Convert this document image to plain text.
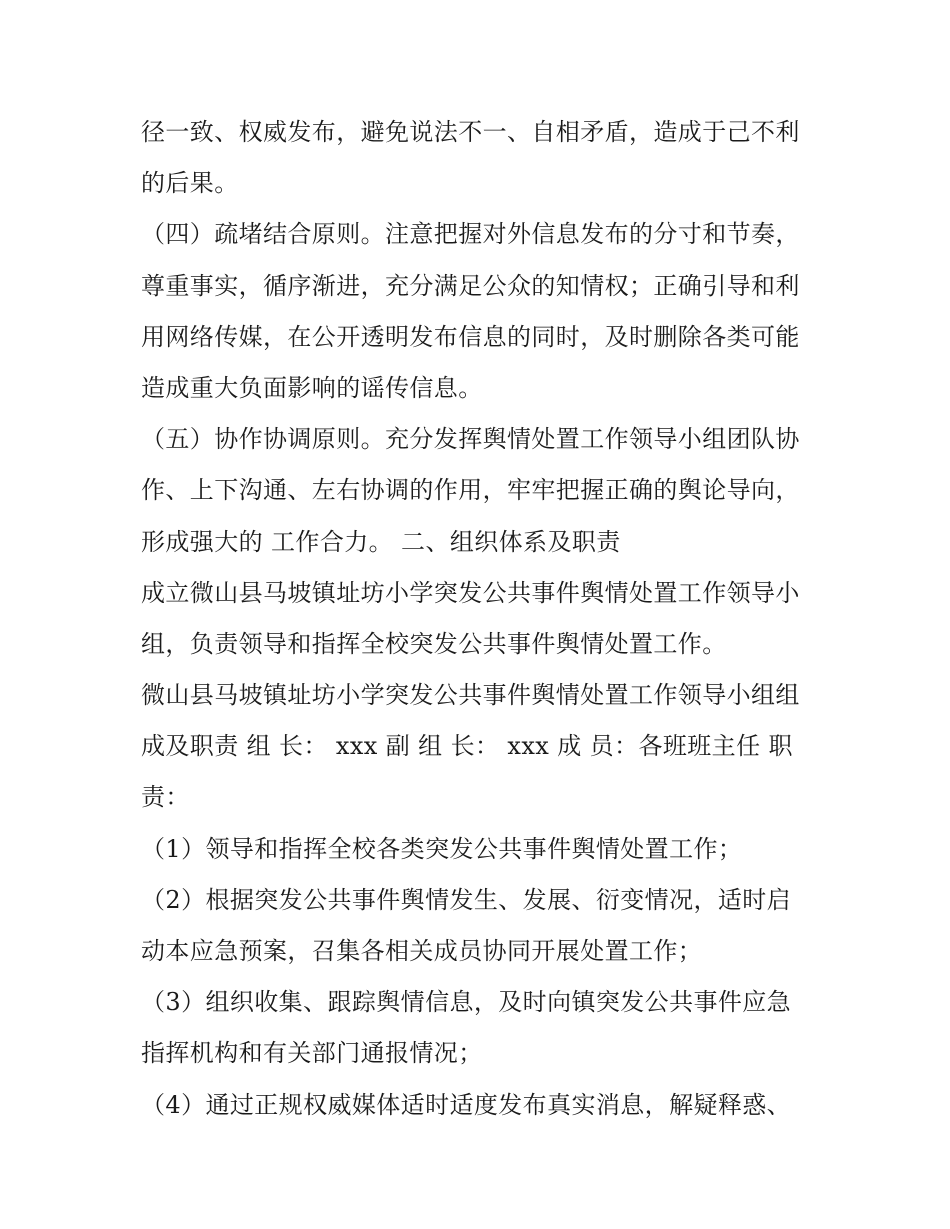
径一致、权威发布，避免说法不一、自相矛盾，造成于己不利
的后果。
（四）疏堵结合原则。注意把握对外信息发布的分寸和节奏，
尊重事实，循序渐进，充分满足公众的知情权；正确引导和利
用网络传媒，在公开透明发布信息的同时，及时删除各类可能
造成重大负面影响的谣传信息。
（五）协作协调原则。充分发挥舆情处置工作领导小组团队协
作、上下沟通、左右协调的作用，牢牢把握正确的舆论导向，
形成强大的 工作合力。 二、组织体系及职责
成立微山县马坡镇址坊小学突发公共事件舆情处置工作领导小
组，负责领导和指挥全校突发公共事件舆情处置工作。
微山县马坡镇址坊小学突发公共事件舆情处置工作领导小组组
成及职责 组 长： xxx 副 组 长： xxx 成 员：各班班主任 职
责：
（1）领导和指挥全校各类突发公共事件舆情处置工作；
（2）根据突发公共事件舆情发生、发展、衍变情况，适时启
动本应急预案，召集各相关成员协同开展处置工作；
（3）组织收集、跟踪舆情信息，及时向镇突发公共事件应急
指挥机构和有关部门通报情况；
（4）通过正规权威媒体适时适度发布真实消息，解疑释惑、
